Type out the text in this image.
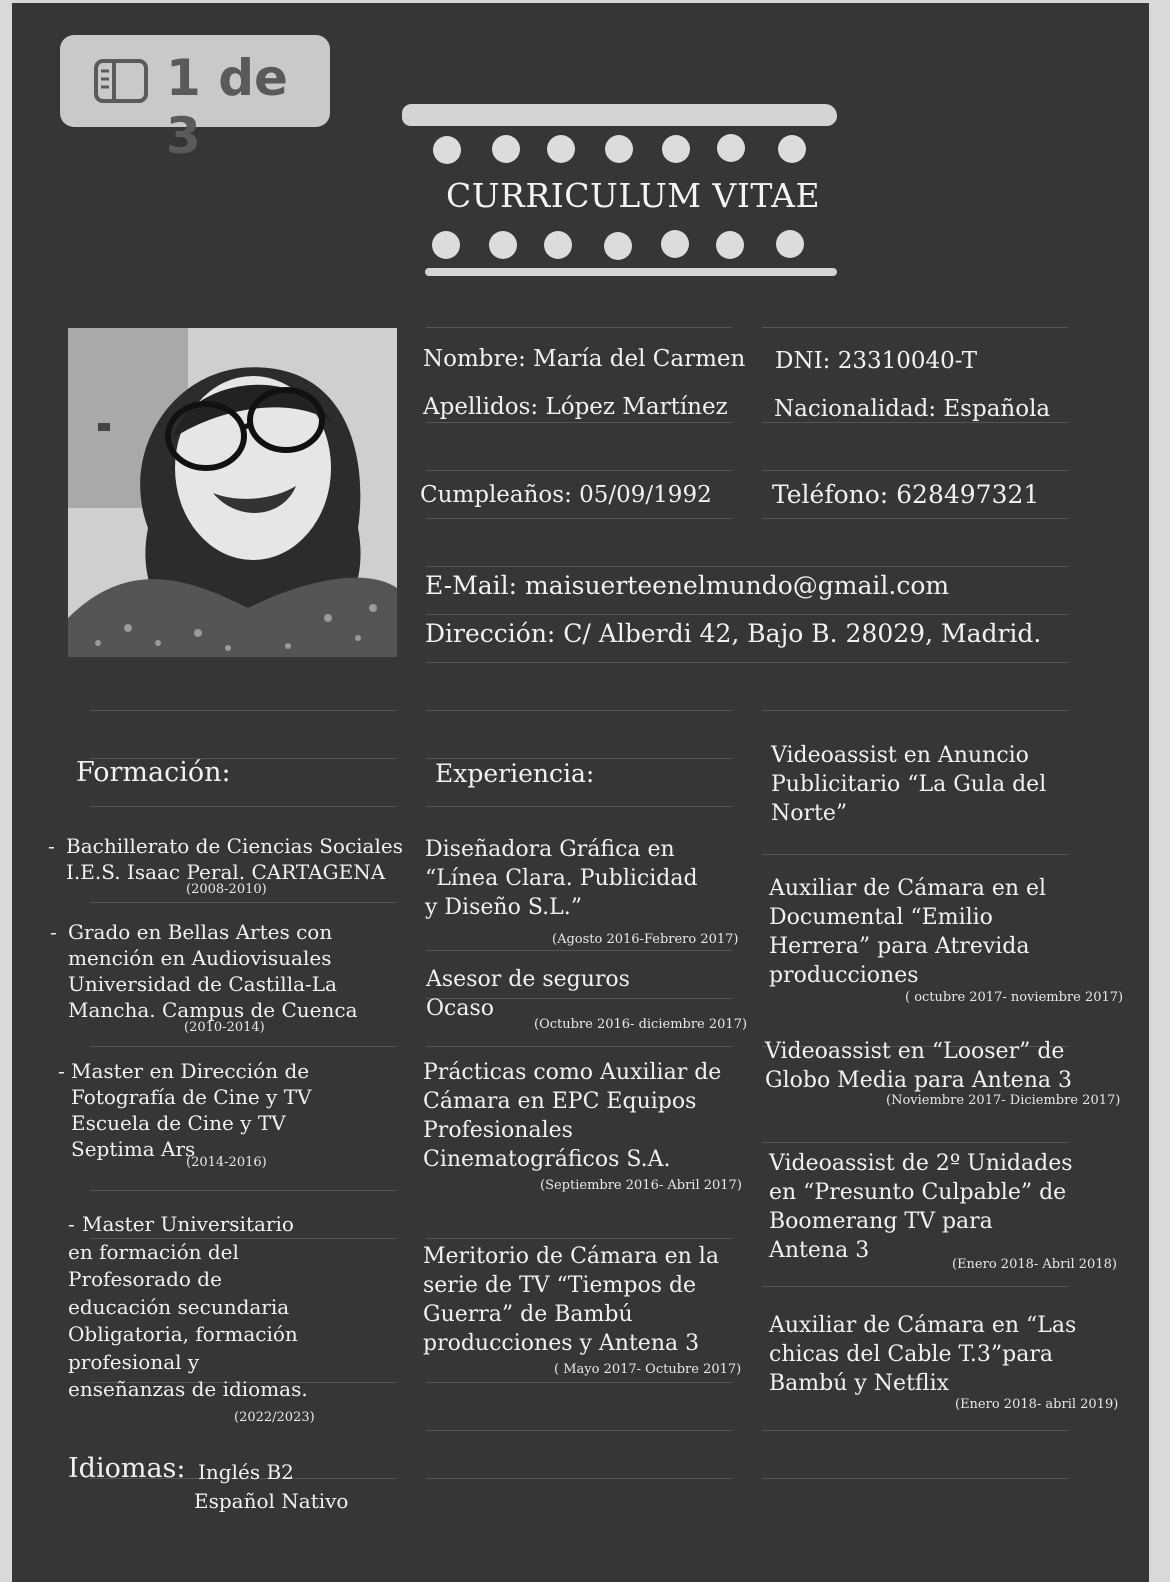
1 de 3
CURRICULUM VITAE
Nombre: María del Carmen DNI: 23310040-T
Apellidos: López Martínez Nacionalidad: Española
Cumpleaños: 05/09/1992 Teléfono: 628497321
E-Mail: maisuerteenelmundo@gmail.com
Dirección: C/ Alberdi 42, Bajo B. 28029, Madrid.
Formación:
- Bachillerato de Ciencias Sociales
I.E.S. Isaac Peral. CARTAGENA
(2008-2010)
- Grado en Bellas Artes con
mención en Audiovisuales
Universidad de Castilla-La
Mancha. Campus de Cuenca
(2010-2014)
- Master en Dirección de
Fotografía de Cine y TV
Escuela de Cine y TV
Septima Ars
(2014-2016)
- Master Universitario
en formación del
Profesorado de
educación secundaria
Obligatoria, formación
profesional y
enseñanzas de idiomas.
(2022/2023)
Idiomas: Inglés B2
Español Nativo
Experiencia:
Diseñadora Gráfica en
“Línea Clara. Publicidad
y Diseño S.L.”
(Agosto 2016-Febrero 2017)
Asesor de seguros
Ocaso
(Octubre 2016- diciembre 2017)
Prácticas como Auxiliar de
Cámara en EPC Equipos
Profesionales
Cinematográficos S.A.
(Septiembre 2016- Abril 2017)
Meritorio de Cámara en la
serie de TV “Tiempos de
Guerra” de Bambú
producciones y Antena 3
( Mayo 2017- Octubre 2017)
Videoassist en Anuncio
Publicitario “La Gula del
Norte”
Auxiliar de Cámara en el
Documental “Emilio
Herrera” para Atrevida
producciones
( octubre 2017- noviembre 2017)
Videoassist en “Looser” de
Globo Media para Antena 3
(Noviembre 2017- Diciembre 2017)
Videoassist de 2º Unidades
en “Presunto Culpable” de
Boomerang TV para
Antena 3
(Enero 2018- Abril 2018)
Auxiliar de Cámara en “Las
chicas del Cable T.3”para
Bambú y Netflix
(Enero 2018- abril 2019)
